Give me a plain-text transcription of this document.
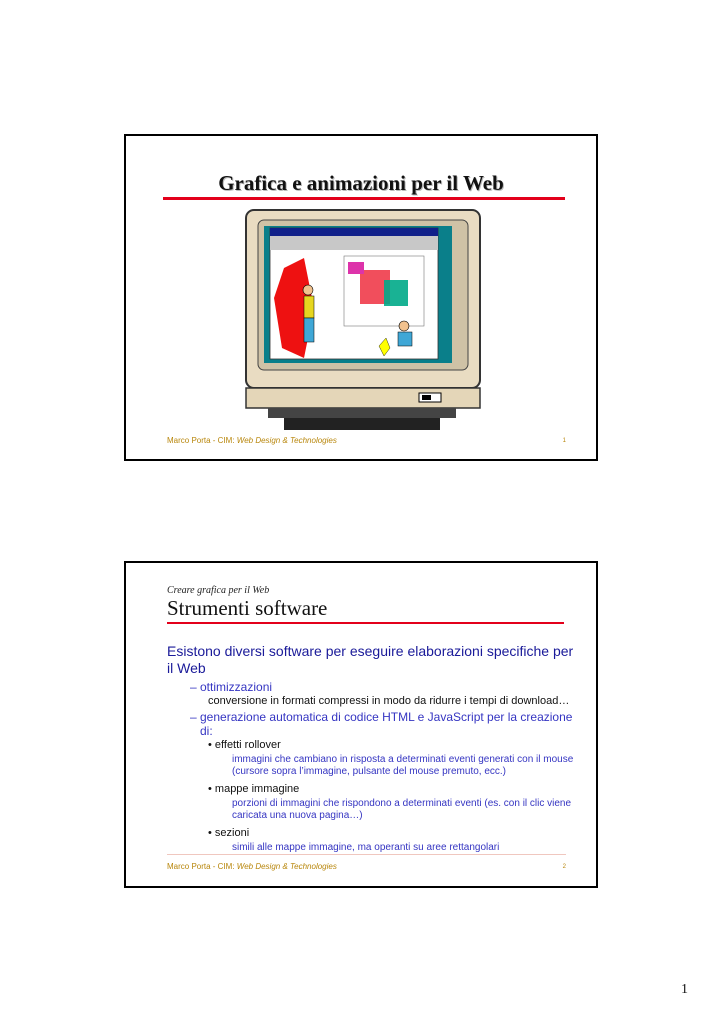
Grafica e animazioni per il Web
Marco Porta - CIM: Web Design & Technologies	1
Creare grafica per il Web
Strumenti software
Esistono diversi software per eseguire elaborazioni specifiche per il Web
– ottimizzazioni
conversione in formati compressi in modo da ridurre i tempi di download…
– generazione automatica di codice HTML e JavaScript per la creazione di:
• effetti rollover
immagini che cambiano in risposta a determinati eventi generati con il mouse (cursore sopra l’immagine, pulsante del mouse premuto, ecc.)
• mappe immagine
porzioni di immagini che rispondono a determinati eventi (es. con il clic viene caricata una nuova pagina…)
• sezioni
simili alle mappe immagine, ma operanti su aree rettangolari
Marco Porta - CIM: Web Design & Technologies	2
1
